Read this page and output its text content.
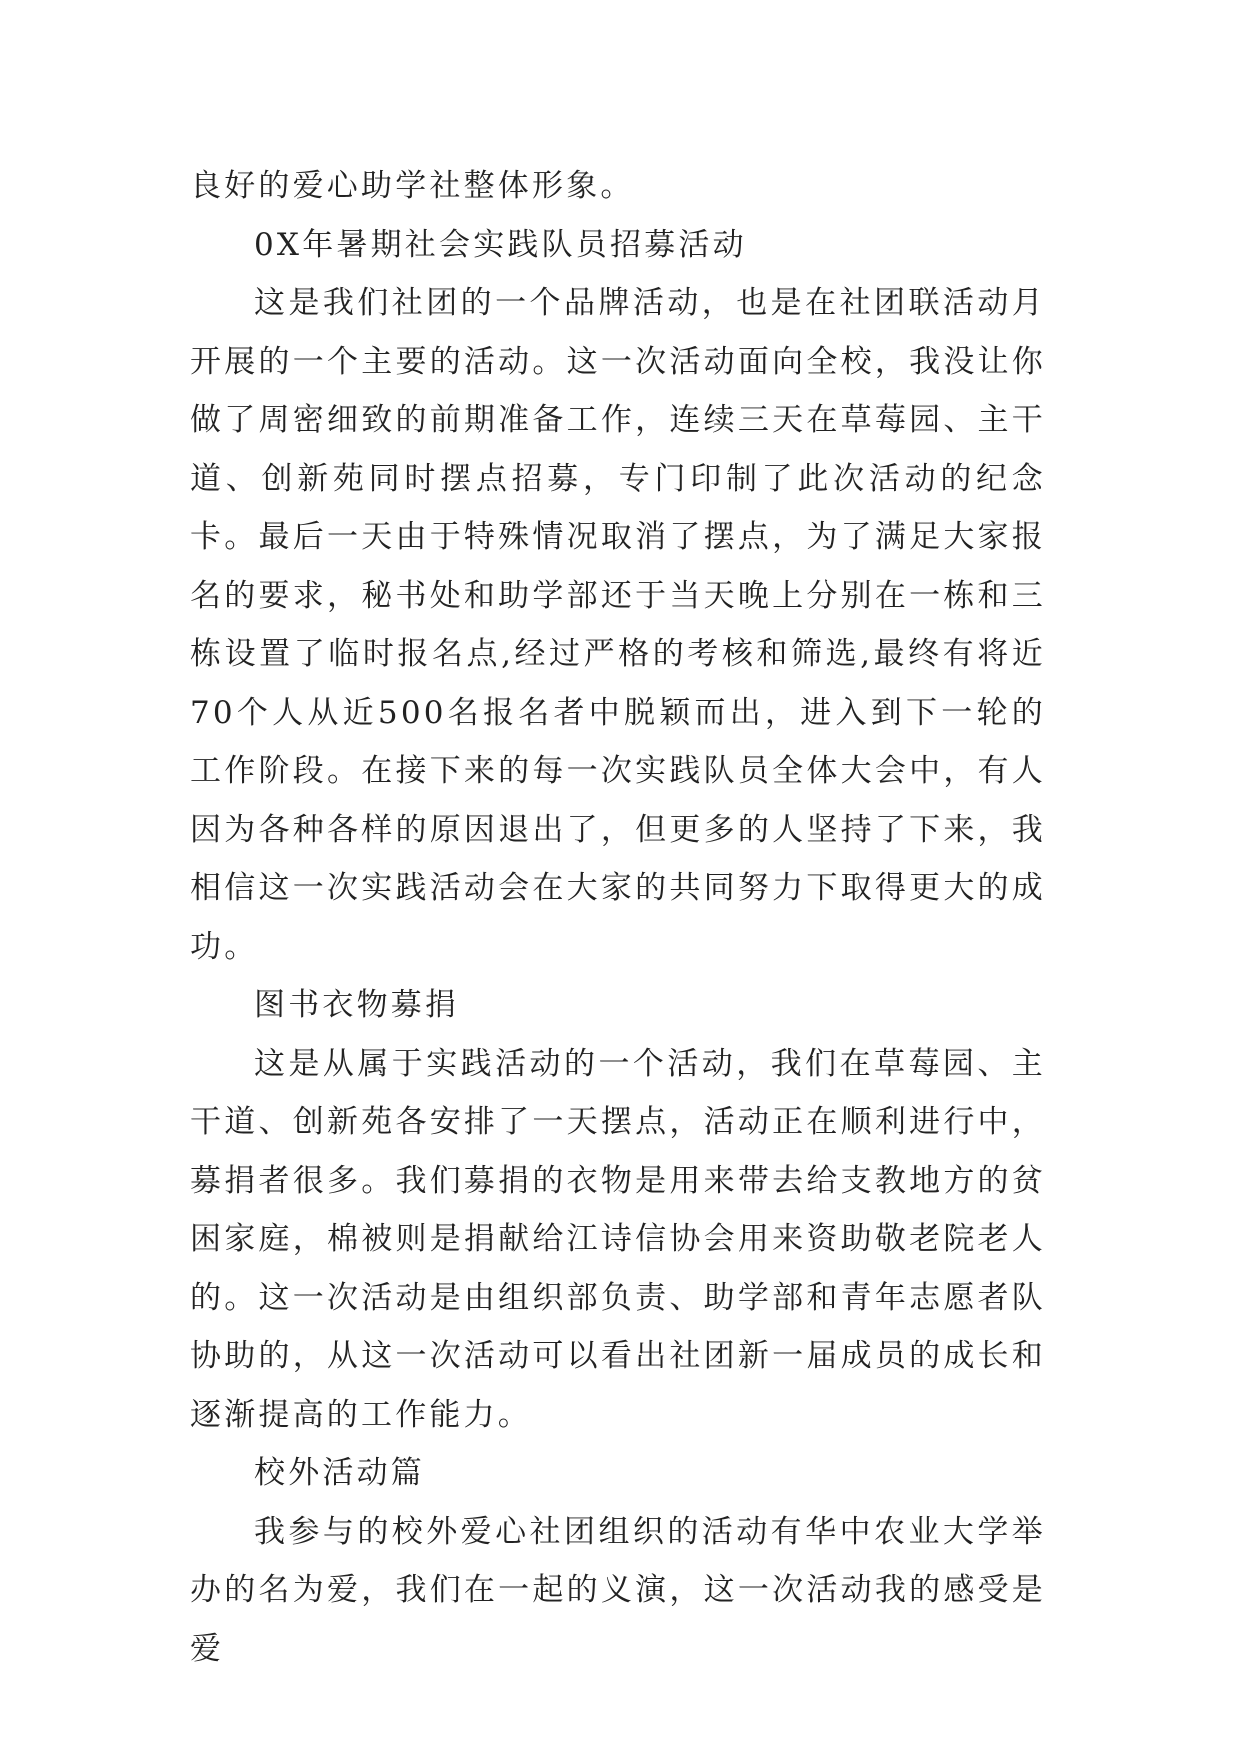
良好的爱心助学社整体形象。

0X年暑期社会实践队员招募活动

这是我们社团的一个品牌活动，也是在社团联活动月开展的一个主要的活动。这一次活动面向全校，我没让你做了周密细致的前期准备工作，连续三天在草莓园、主干道、创新苑同时摆点招募，专门印制了此次活动的纪念卡。最后一天由于特殊情况取消了摆点，为了满足大家报名的要求，秘书处和助学部还于当天晚上分别在一栋和三栋设置了临时报名点,经过严格的考核和筛选,最终有将近70个人从近500名报名者中脱颖而出，进入到下一轮的工作阶段。在接下来的每一次实践队员全体大会中，有人因为各种各样的原因退出了，但更多的人坚持了下来，我相信这一次实践活动会在大家的共同努力下取得更大的成功。

图书衣物募捐

这是从属于实践活动的一个活动，我们在草莓园、主干道、创新苑各安排了一天摆点，活动正在顺利进行中，募捐者很多。我们募捐的衣物是用来带去给支教地方的贫困家庭，棉被则是捐献给江诗信协会用来资助敬老院老人的。这一次活动是由组织部负责、助学部和青年志愿者队协助的，从这一次活动可以看出社团新一届成员的成长和逐渐提高的工作能力。

校外活动篇

我参与的校外爱心社团组织的活动有华中农业大学举办的名为爱，我们在一起的义演，这一次活动我的感受是爱
